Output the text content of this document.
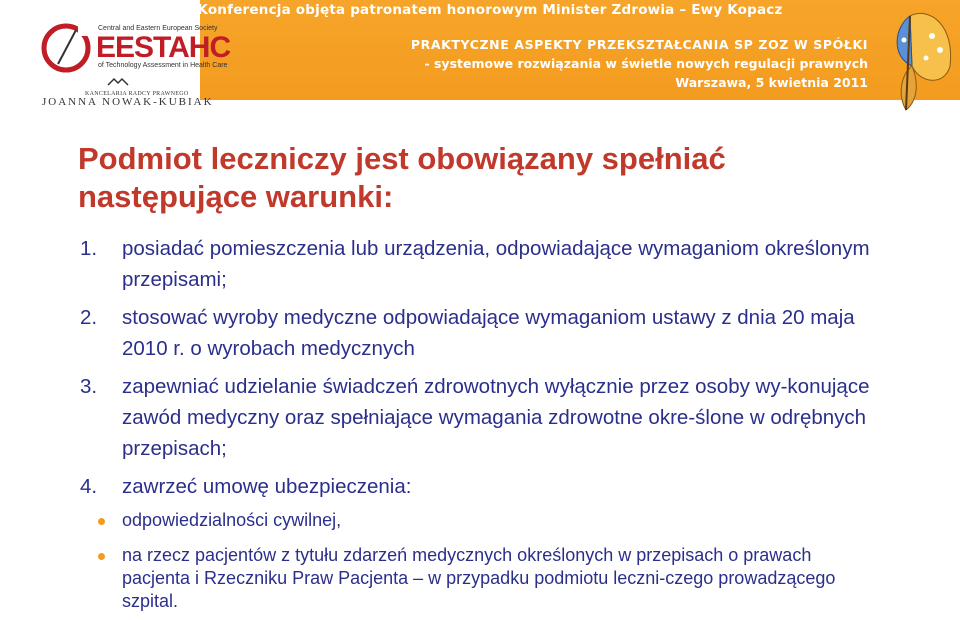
Konferencja objęta patronatem honorowym Minister Zdrowia – Ewy Kopacz
PRAKTYCZNE ASPEKTY PRZEKSZTAŁCANIA SP ZOZ W SPÓŁKI
- systemowe rozwiązania w świetle nowych regulacji prawnych
Warszawa, 5 kwietnia 2011
Central and Eastern European Society
EESTAHC
of Technology Assessment in Health Care
KANCELARIA RADCY PRAWNEGO
JOANNA NOWAK-KUBIAK
Podmiot leczniczy jest obowiązany spełniać
następujące warunki:
1. posiadać pomieszczenia lub urządzenia, odpowiadające wymaganiom określonym przepisami;
2. stosować wyroby medyczne odpowiadające wymaganiom ustawy z dnia 20 maja 2010 r. o wyrobach medycznych
3. zapewniać udzielanie świadczeń zdrowotnych wyłącznie przez osoby wy-konujące zawód medyczny oraz spełniające wymagania zdrowotne okre-ślone w odrębnych przepisach;
4. zawrzeć umowę ubezpieczenia:
odpowiedzialności cywilnej,
na rzecz pacjentów z tytułu zdarzeń medycznych określonych w przepisach o prawach pacjenta i Rzeczniku Praw Pacjenta – w przypadku podmiotu leczni-czego prowadzącego szpital.
